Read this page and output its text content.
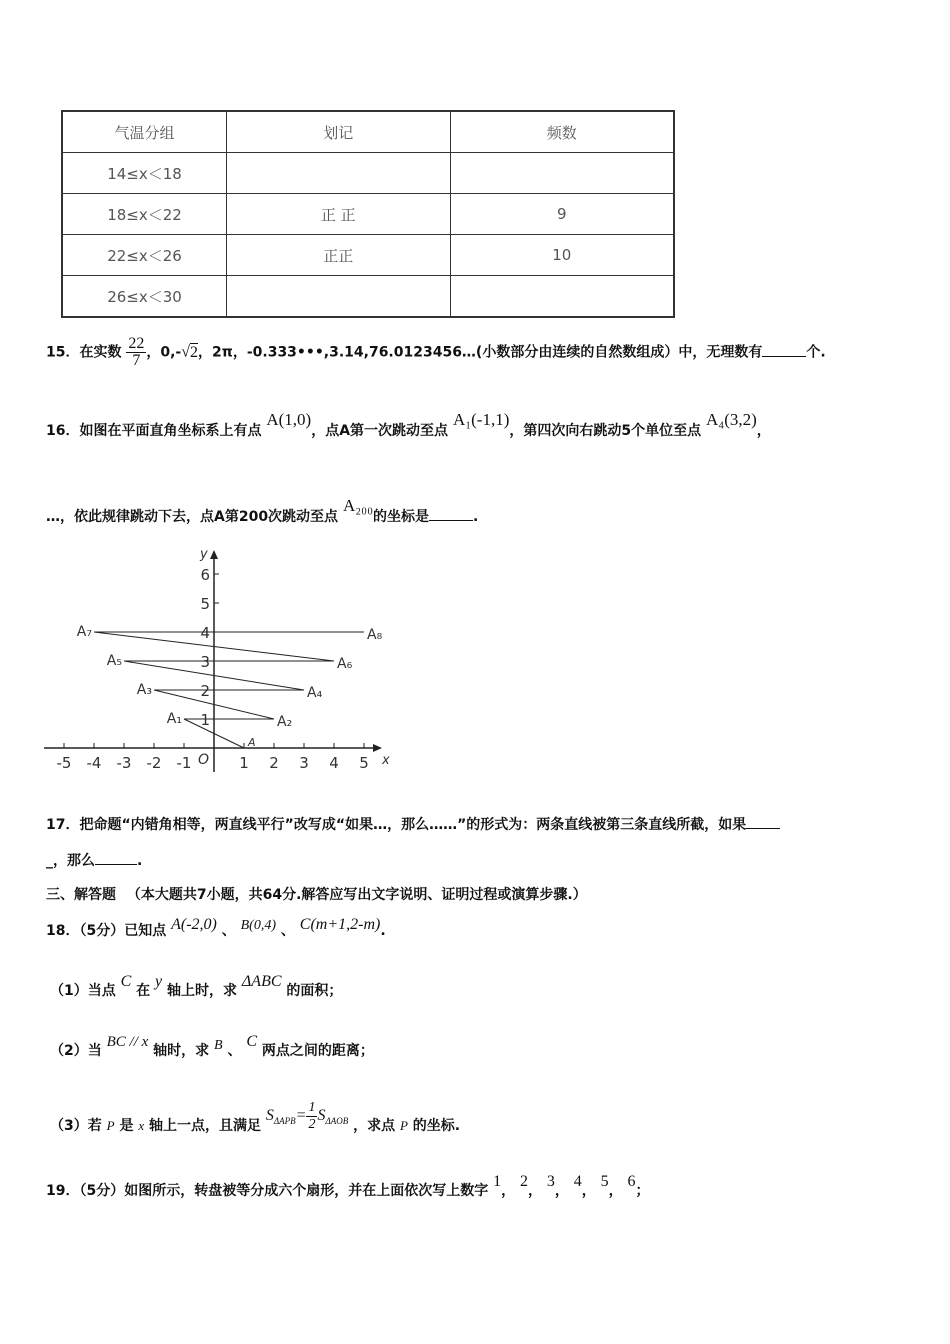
气温分组	划记	频数
14≤x＜18		
18≤x＜22	正 正	9
22≤x＜26	正正	10
26≤x＜30		
15．在实数 $\frac{22}{7}$ ，0,-√2，2π，-0.333•••,3.14,76.0123456…(小数部分由连续的自然数组成）中，无理数有	个.
16．如图在平面直角坐标系上有点 A(1,0)，点A第一次跳动至点 A₁(-1,1)，第四次向右跳动5个单位至点 A₄(3,2)，
…，依此规律跳动下去，点A第200次跳动至点 A₂₀₀的坐标是	.
x
y
O
-5 -4 -3 -2 -1	1 2 3 4 5
1
2
3
4
5
6
A
A₁	A₂
A₃	A₄
A₅	A₆
A₇	A₈
17．把命题“内错角相等，两直线平行”改写成“如果…，那么……”的形式为：两条直线被第三条直线所截，如果
_，那么	.
三、解答题 （本大题共7小题，共64分.解答应写出文字说明、证明过程或演算步骤.）
18．（5分）已知点 A(-2,0) 、 B(0,4) 、 C(m+1,2-m).
（1）当点 C 在 y 轴上时，求 ΔABC 的面积；
（2）当 BC // x 轴时，求 B 、 C 两点之间的距离；
（3）若 P 是 x 轴上一点，且满足 $S_{\Delta APB}= \frac{1}{2} S_{\Delta AOB}$ ，求点 P 的坐标.
19．（5分）如图所示，转盘被等分成六个扇形，并在上面依次写上数字 1， 2， 3， 4， 5， 6；
